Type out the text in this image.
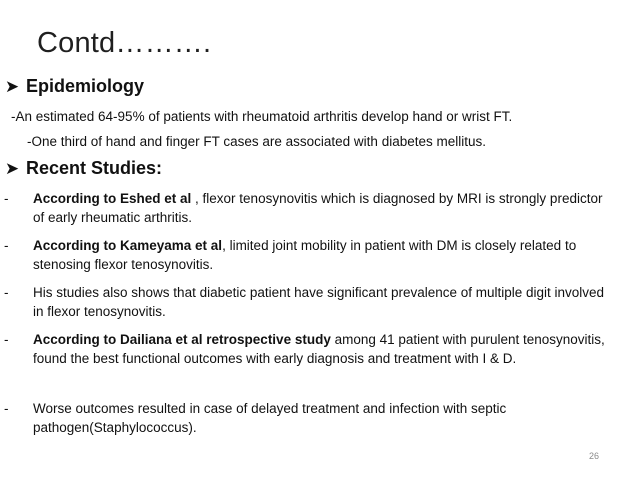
Contd……….
➤ Epidemiology
-An estimated 64-95% of patients with rheumatoid arthritis develop hand or wrist FT.
-One third of hand and finger FT cases are associated with diabetes mellitus.
➤ Recent Studies:
- According to Eshed et al , flexor tenosynovitis which is diagnosed by MRI is strongly predictor of early rheumatic arthritis.
- According to Kameyama et al, limited joint mobility in patient with DM is closely related to stenosing flexor tenosynovitis.
- His studies also shows that diabetic patient have significant prevalence of multiple digit involved in flexor tenosynovitis.
- According to Dailiana et al retrospective study among 41 patient with purulent tenosynovitis, found the best functional outcomes with early diagnosis and treatment with I & D.
- Worse outcomes resulted in case of delayed treatment and infection with septic pathogen(Staphylococcus).
26
